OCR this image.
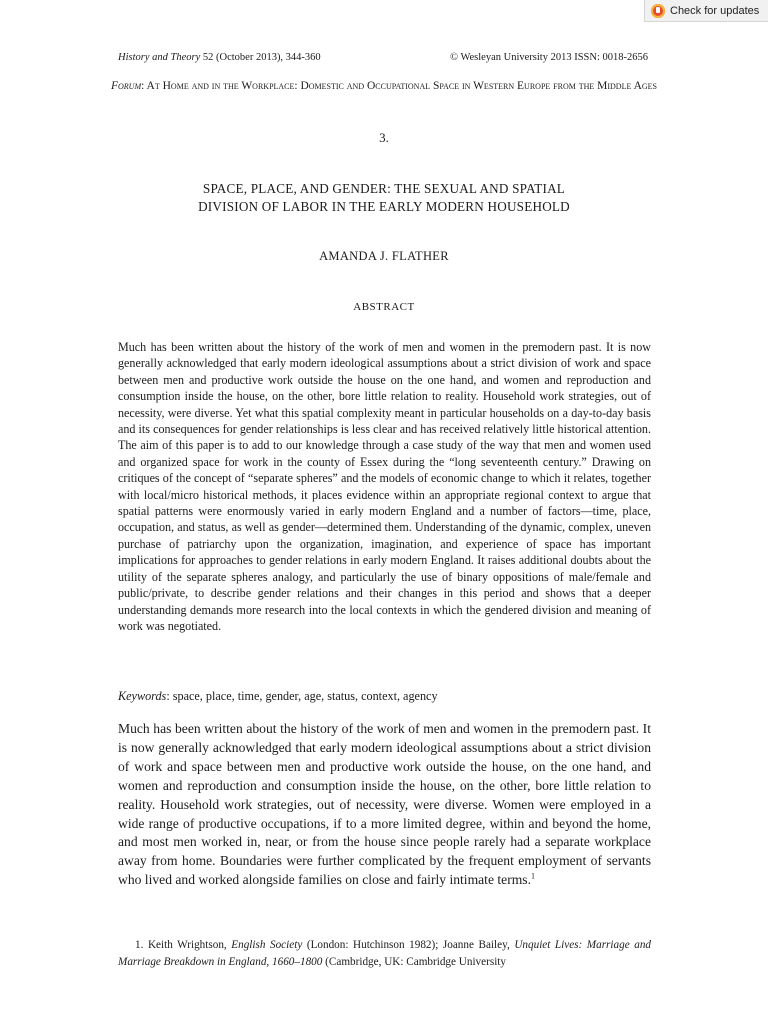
Check for updates
History and Theory 52 (October 2013), 344-360	© Wesleyan University 2013 ISSN: 0018-2656
Forum: At Home and in the Workplace: Domestic and Occupational Space in Western Europe from the Middle Ages
3.
SPACE, PLACE, AND GENDER: THE SEXUAL AND SPATIAL
DIVISION OF LABOR IN THE EARLY MODERN HOUSEHOLD
AMANDA J. FLATHER
ABSTRACT

Much has been written about the history of the work of men and women in the premodern past. It is now generally acknowledged that early modern ideological assumptions about a strict division of work and space between men and productive work outside the house on the one hand, and women and reproduction and consumption inside the house, on the other, bore little relation to reality. Household work strategies, out of necessity, were diverse. Yet what this spatial complexity meant in particular households on a day-to-day basis and its consequences for gender relationships is less clear and has received relatively little historical attention. The aim of this paper is to add to our knowledge through a case study of the way that men and women used and organized space for work in the county of Essex during the “long seventeenth century.” Drawing on critiques of the concept of “separate spheres” and the models of economic change to which it relates, together with local/micro historical methods, it places evidence within an appropriate regional context to argue that spatial patterns were enormously varied in early modern England and a number of factors—time, place, occupation, and status, as well as gender—determined them. Understanding of the dynamic, complex, uneven purchase of patriarchy upon the organization, imagination, and experience of space has important implications for approaches to gender relations in early modern England. It raises additional doubts about the utility of the separate spheres analogy, and particularly the use of binary oppositions of male/female and public/private, to describe gender relations and their changes in this period and shows that a deeper understanding demands more research into the local contexts in which the gendered division and meaning of work was negotiated.

Keywords: space, place, time, gender, age, status, context, agency

Much has been written about the history of the work of men and women in the premodern past. It is now generally acknowledged that early modern ideological assumptions about a strict division of work and space between men and productive work outside the house, on the one hand, and women and reproduction and consumption inside the house, on the other, bore little relation to reality. Household work strategies, out of necessity, were diverse. Women were employed in a wide range of productive occupations, if to a more limited degree, within and beyond the home, and most men worked in, near, or from the house since people rarely had a separate workplace away from home. Boundaries were further complicated by the frequent employment of servants who lived and worked alongside families on close and fairly intimate terms.$^1$

1. Keith Wrightson, English Society (London: Hutchinson 1982); Joanne Bailey, Unquiet Lives: Marriage and Marriage Breakdown in England, 1660–1800 (Cambridge, UK: Cambridge University
